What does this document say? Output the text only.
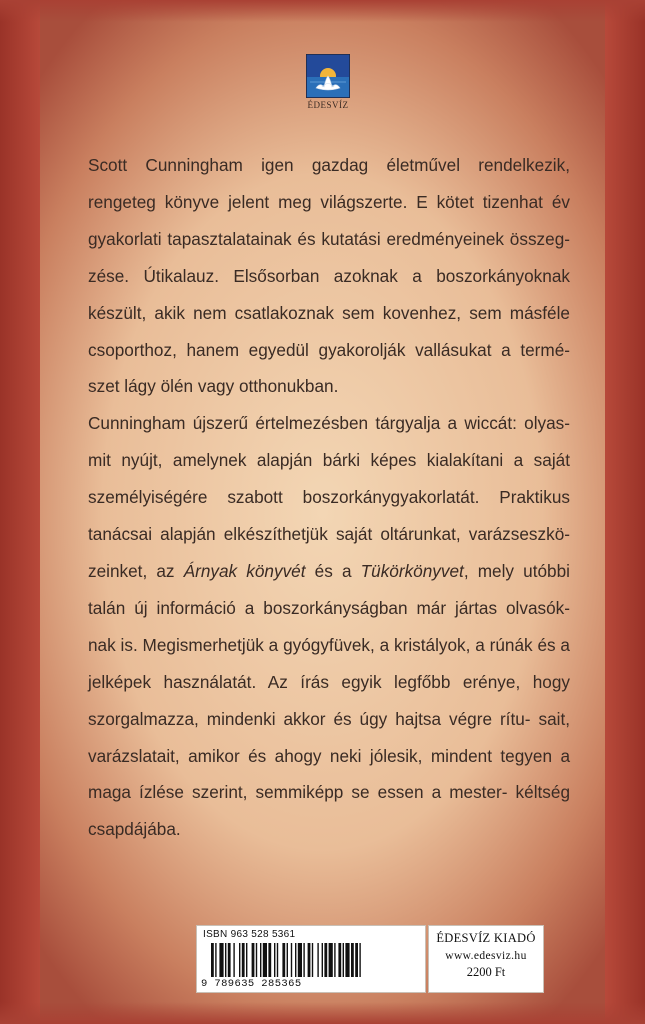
ÉDESVÍZ

Scott Cunningham igen gazdag életművel rendelkezik, rengeteg könyve jelent meg világszerte. E kötet tizenhat év gyakorlati tapasztalatainak és kutatási eredményeinek összeg- zése. Útikalauz. Elsősorban azoknak a boszorkányoknak készült, akik nem csatlakoznak sem kovenhez, sem másféle csoporthoz, hanem egyedül gyakorolják vallásukat a termé- szet lágy ölén vagy otthonukban.

Cunningham újszerű értelmezésben tárgyalja a wiccát: olyas- mit nyújt, amelynek alapján bárki képes kialakítani a saját személyiségére szabott boszorkánygyakorlatát. Praktikus tanácsai alapján elkészíthetjük saját oltárunkat, varázseszkö- zeinket, az Árnyak könyvét és a Tükörkönyvet, mely utóbbi talán új információ a boszorkányságban már jártas olvasók- nak is. Megismerhetjük a gyógyfüvek, a kristályok, a rúnák és a jelképek használatát. Az írás egyik legfőbb erénye, hogy szorgalmazza, mindenki akkor és úgy hajtsa végre rítu- sait, varázslatait, amikor és ahogy neki jólesik, mindent tegyen a maga ízlése szerint, semmiképp se essen a mester- kéltség csapdájába.

ISBN 963 528 5361
9 789635 285365
ÉDESVÍZ KIADÓ
www.edesviz.hu
2200 Ft
